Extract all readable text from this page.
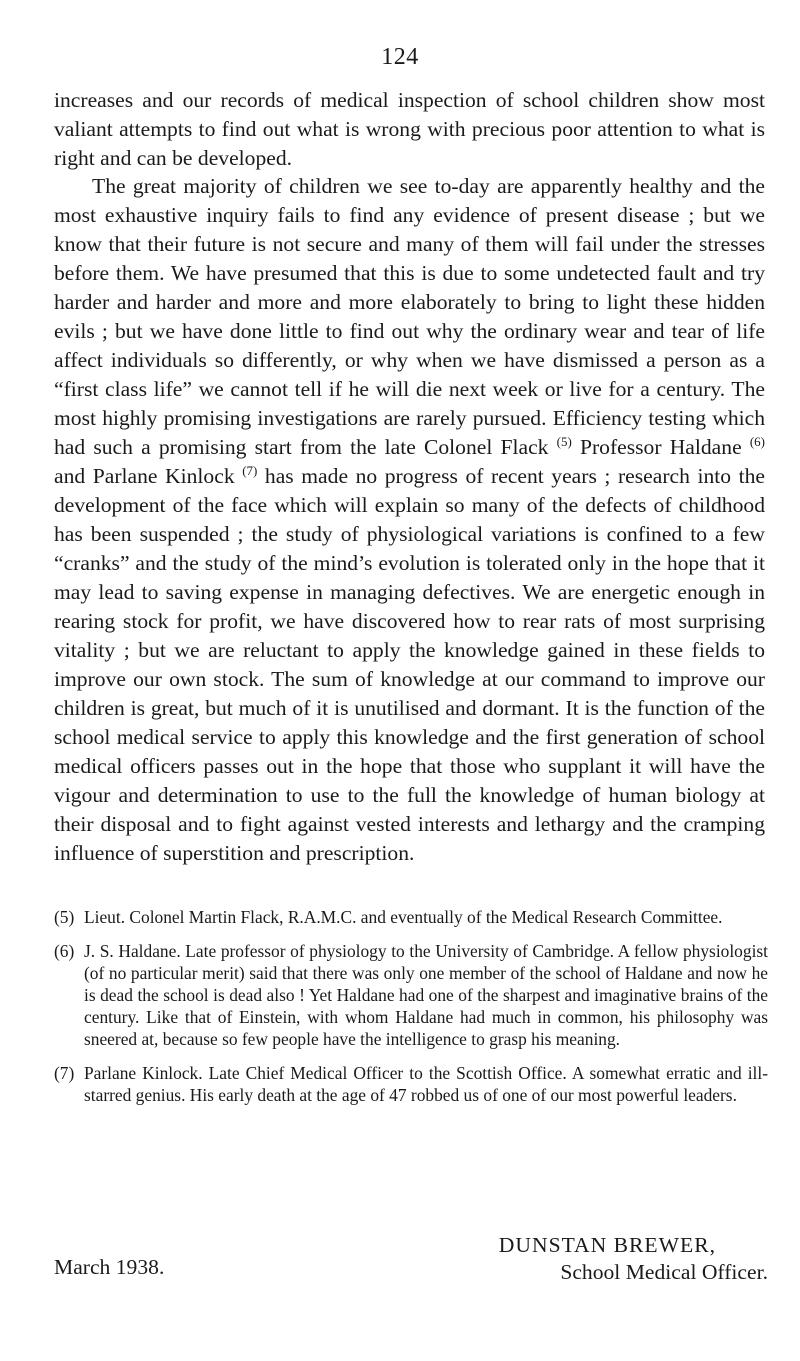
124

increases and our records of medical inspection of school children show most valiant attempts to find out what is wrong with precious poor attention to what is right and can be developed.

The great majority of children we see to-day are apparently healthy and the most exhaustive inquiry fails to find any evidence of present disease ; but we know that their future is not secure and many of them will fail under the stresses before them. We have presumed that this is due to some undetected fault and try harder and harder and more and more elaborately to bring to light these hidden evils ; but we have done little to find out why the ordinary wear and tear of life affect individuals so differently, or why when we have dismissed a person as a “first class life” we cannot tell if he will die next week or live for a century. The most highly promising investigations are rarely pursued. Efficiency testing which had such a promising start from the late Colonel Flack $^{(5)}$ Professor Haldane $^{(6)}$ and Parlane Kinlock $^{(7)}$ has made no progress of recent years ; research into the development of the face which will explain so many of the defects of childhood has been suspended ; the study of physiological variations is confined to a few “cranks” and the study of the mind’s evolution is tolerated only in the hope that it may lead to saving expense in managing defectives. We are energetic enough in rearing stock for profit, we have discovered how to rear rats of most surprising vitality ; but we are reluctant to apply the knowledge gained in these fields to improve our own stock. The sum of knowledge at our command to improve our children is great, but much of it is unutilised and dormant. It is the function of the school medical service to apply this knowledge and the first generation of school medical officers passes out in the hope that those who supplant it will have the vigour and determination to use to the full the knowledge of human biology at their disposal and to fight against vested interests and lethargy and the cramping influence of superstition and prescription.

(5) Lieut. Colonel Martin Flack, R.A.M.C. and eventually of the Medical Research Committee.
(6) J. S. Haldane. Late professor of physiology to the University of Cambridge. A fellow physiologist (of no particular merit) said that there was only one member of the school of Haldane and now he is dead the school is dead also ! Yet Haldane had one of the sharpest and imaginative brains of the century. Like that of Einstein, with whom Haldane had much in common, his philosophy was sneered at, because so few people have the intelligence to grasp his meaning.
(7) Parlane Kinlock. Late Chief Medical Officer to the Scottish Office. A somewhat erratic and ill-starred genius. His early death at the age of 47 robbed us of one of our most powerful leaders.
March 1938.
DUNSTAN BREWER,
School Medical Officer.
